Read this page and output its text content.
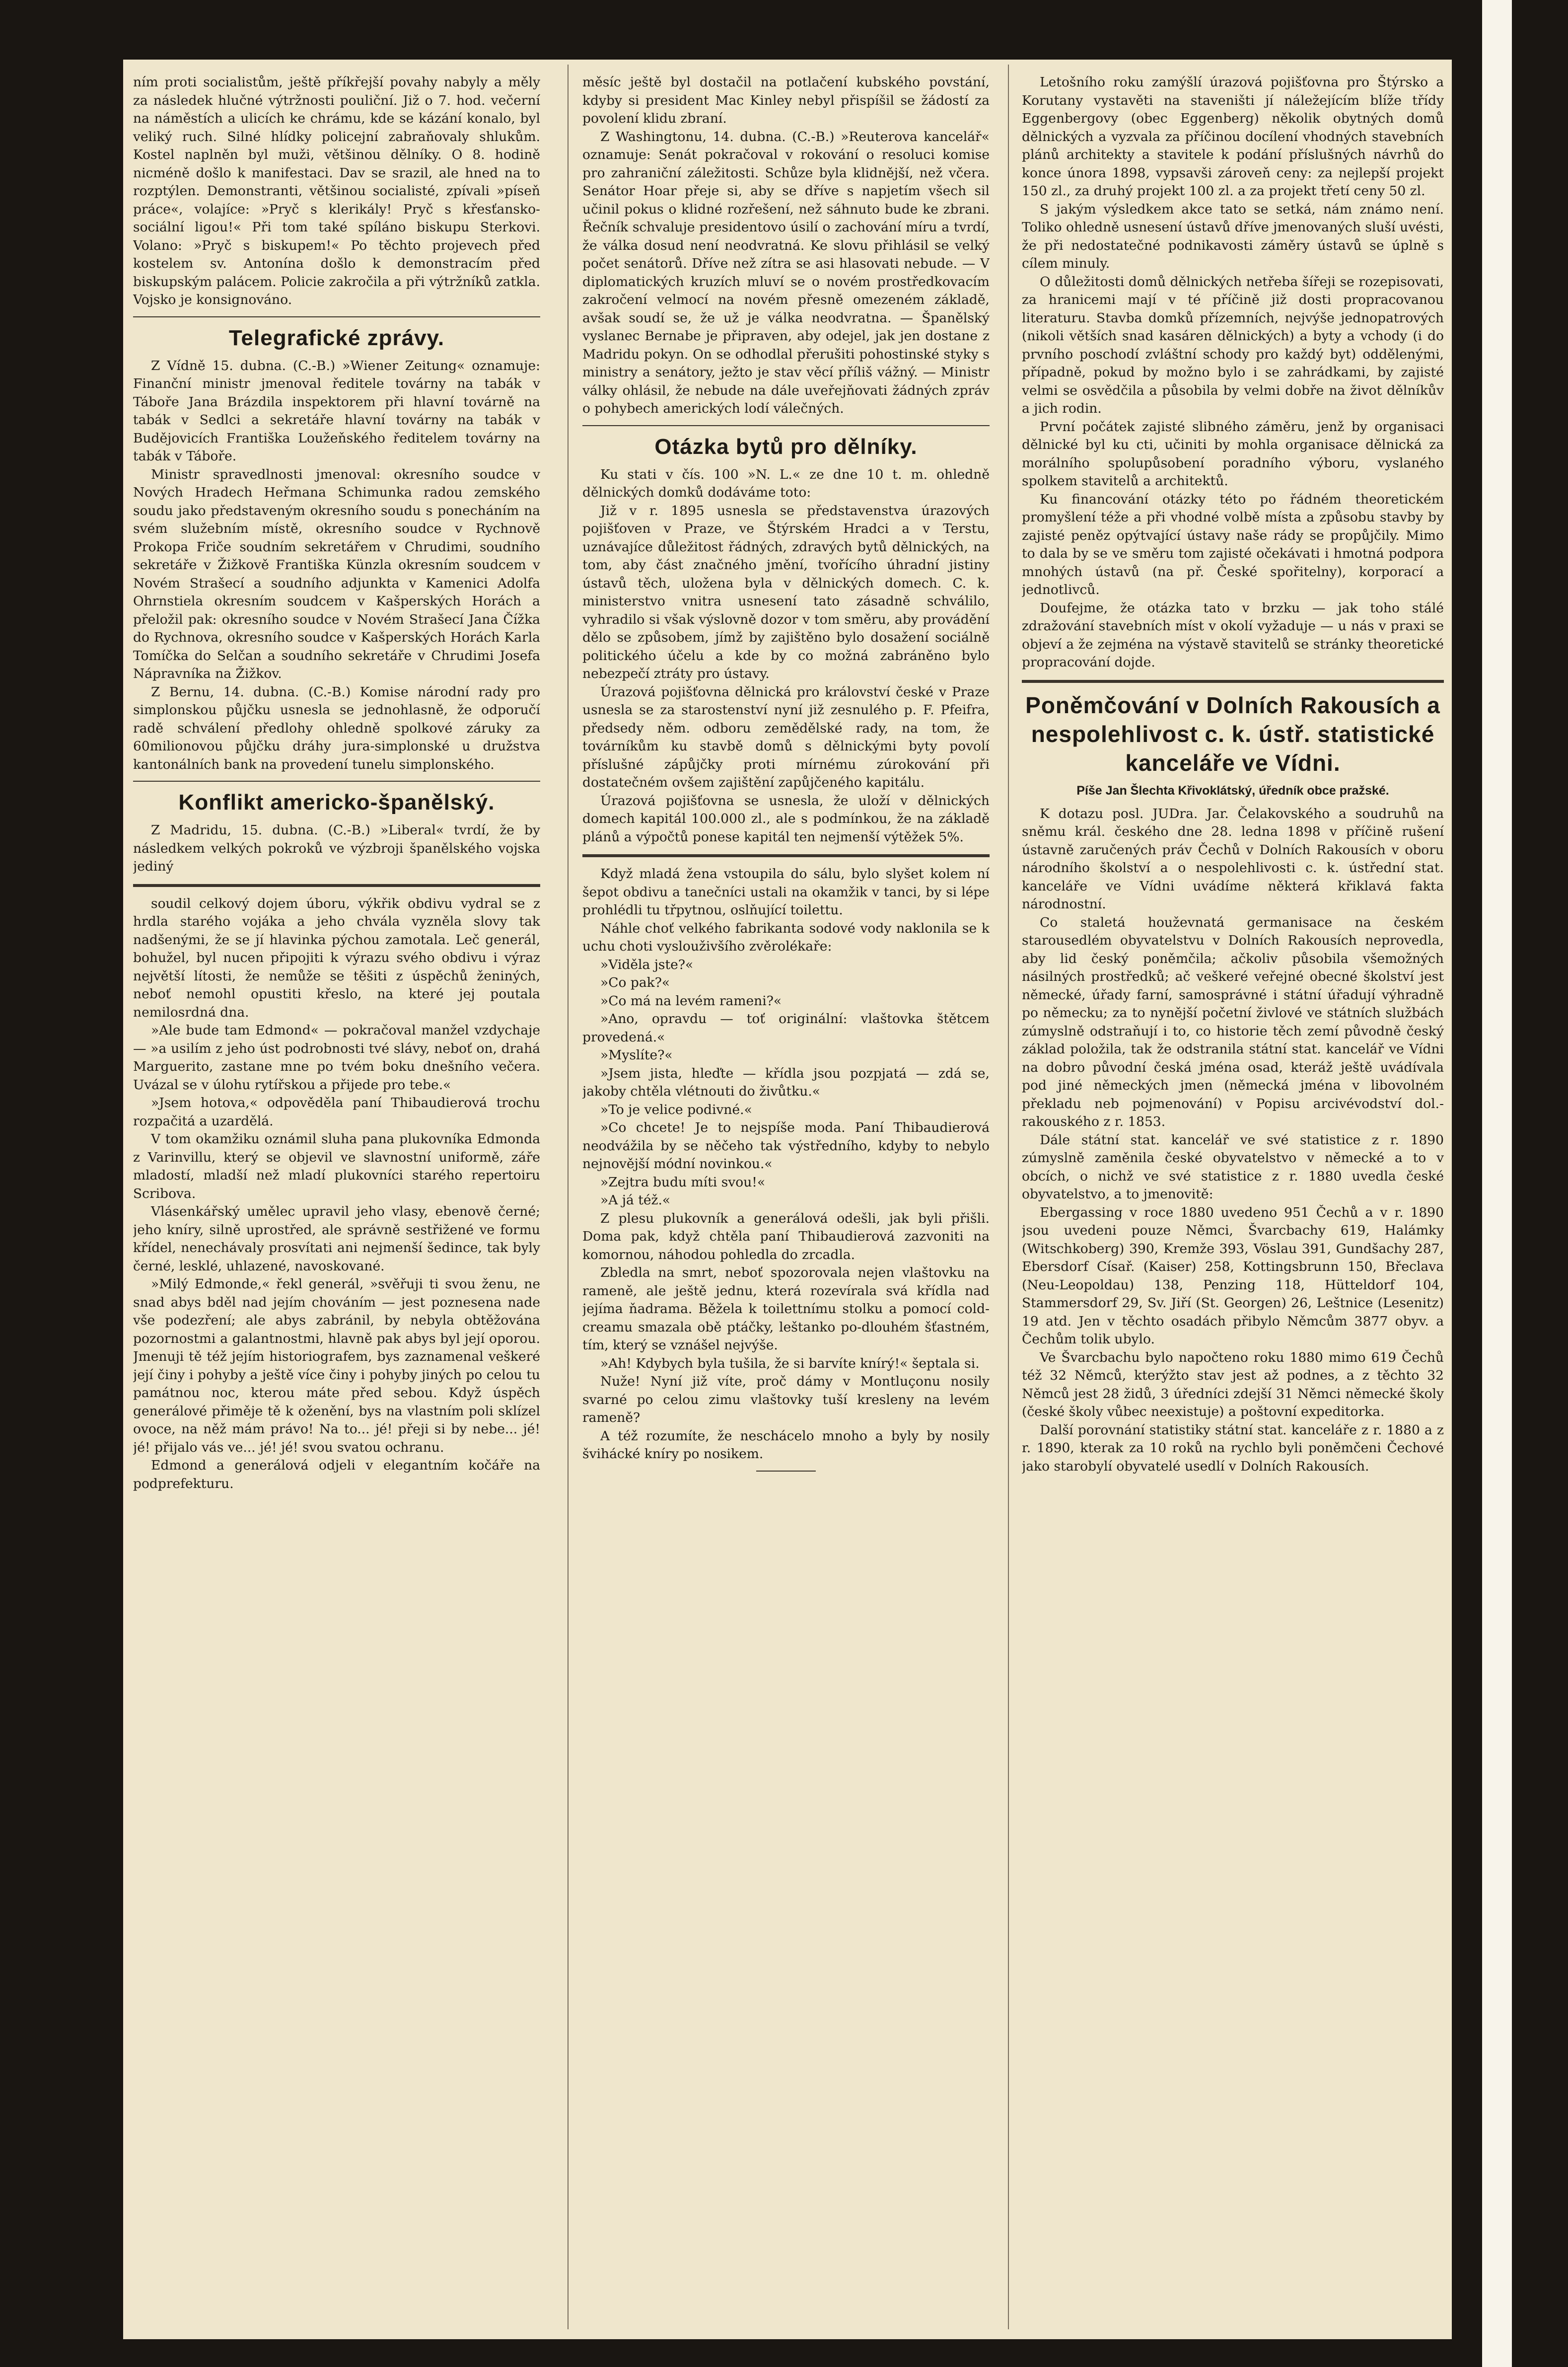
ním proti socialistům, ještě příkřejší povahy nabyly a měly za následek hlučné výtržnosti pouliční. Již o 7. hod. večerní na náměstích a ulicích ke chrámu, kde se kázání konalo, byl veliký ruch. Silné hlídky policejní zabraňovaly shlukům. Kostel naplněn byl muži, většinou dělníky. O 8. hodině nicméně došlo k manifestaci. Dav se srazil, ale hned na to rozptýlen. Demonstranti, většinou socialisté, zpívali »píseň práce«, volajíce: »Pryč s klerikály! Pryč s křesťansko-sociální ligou!« Při tom také spíláno biskupu Sterkovi. Volano: »Pryč s biskupem!« Po těchto projevech před kostelem sv. Antonína došlo k demonstracím před biskupským palácem. Policie zakročila a při výtržníků zatkla. Vojsko je konsignováno.

Telegrafické zprávy.

Z Vídně 15. dubna. (C.-B.) »Wiener Zeitung« oznamuje: Finanční ministr jmenoval ředitele továrny na tabák v Táboře Jana Brázdila inspektorem při hlavní továrně na tabák v Sedlci a sekretáře hlavní továrny na tabák v Budějovicích Františka Loužeňského ředitelem továrny na tabák v Táboře.

Ministr spravedlnosti jmenoval: okresního soudce v Nových Hradech Heřmana Schimunka radou zemského soudu jako představeným okresního soudu s ponecháním na svém služebním místě, okresního soudce v Rychnově Prokopa Friče soudním sekretářem v Chrudimi, soudního sekretáře v Žižkově Františka Künzla okresním soudcem v Novém Strašecí a soudního adjunkta v Kamenici Adolfa Ohrnstiela okresním soudcem v Kašperských Horách a přeložil pak: okresního soudce v Novém Strašecí Jana Čížka do Rychnova, okresního soudce v Kašperských Horách Karla Tomíčka do Selčan a soudního sekretáře v Chrudimi Josefa Nápravníka na Žižkov.

Z Bernu, 14. dubna. (C.-B.) Komise národní rady pro simplonskou půjčku usnesla se jednohlasně, že odporučí radě schválení předlohy ohledně spolkové záruky za 60milionovou půjčku dráhy jura-simplonské u družstva kantonálních bank na provedení tunelu simplonského.

Konflikt americko-španělský.

Z Madridu, 15. dubna. (C.-B.) »Liberal« tvrdí, že by následkem velkých pokroků ve výzbroji španělského vojska jediný

soudil celkový dojem úboru, výkřik obdivu vydral se z hrdla starého vojáka a jeho chvála vyzněla slovy tak nadšenými, že se jí hlavinka pýchou zamotala. Leč generál, bohužel, byl nucen připojiti k výrazu svého obdivu i výraz největší lítosti, že nemůže se těšiti z úspěchů ženiných, neboť nemohl opustiti křeslo, na které jej poutala nemilosrdná dna.

»Ale bude tam Edmond« — pokračoval manžel vzdychaje — »a usilím z jeho úst podrobnosti tvé slávy, neboť on, drahá Marguerito, zastane mne po tvém boku dnešního večera. Uvázal se v úlohu rytířskou a přijede pro tebe.«

»Jsem hotova,« odpověděla paní Thibaudierová trochu rozpačitá a uzardělá.

V tom okamžiku oznámil sluha pana plukovníka Edmonda z Varinvillu, který se objevil ve slavnostní uniformě, záře mladostí, mladší než mladí plukovníci starého repertoiru Scribova.

Vlásenkářský umělec upravil jeho vlasy, ebenově černé; jeho kníry, silně uprostřed, ale správně sestřižené ve formu křídel, nenechávaly prosvítati ani nejmenší šedince, tak byly černé, lesklé, uhlazené, navoskované.

»Milý Edmonde,« řekl generál, »svěřuji ti svou ženu, ne snad abys bděl nad jejím chováním — jest poznesena nade vše podezření; ale abys zabránil, by nebyla obtěžována pozornostmi a galantnostmi, hlavně pak abys byl její oporou. Jmenuji tě též jejím historiografem, bys zaznamenal veškeré její činy i pohyby a ještě více činy i pohyby jiných po celou tu památnou noc, kterou máte před sebou. Když úspěch generálové přiměje tě k oženění, bys na vlastním poli sklízel ovoce, na něž mám právo! Na to... jé! přeji si by nebe... jé! jé! přijalo vás ve... jé! jé! svou svatou ochranu.

Edmond a generálová odjeli v elegantním kočáře na podprefekturu.

měsíc ještě byl dostačil na potlačení kubského povstání, kdyby si president Mac Kinley nebyl přispíšil se žádostí za povolení klidu zbraní.

Z Washingtonu, 14. dubna. (C.-B.) »Reuterova kancelář« oznamuje: Senát pokračoval v rokování o resoluci komise pro zahraniční záležitosti. Schůze byla klidnější, než včera. Senátor Hoar přeje si, aby se dříve s napjetím všech sil učinil pokus o klidné rozřešení, než sáhnuto bude ke zbrani. Řečník schvaluje presidentovo úsilí o zachování míru a tvrdí, že válka dosud není neodvratná. Ke slovu přihlásil se velký počet senátorů. Dříve než zítra se asi hlasovati nebude. — V diplomatických kruzích mluví se o novém prostředkovacím zakročení velmocí na novém přesně omezeném základě, avšak soudí se, že už je válka neodvratna. — Španělský vyslanec Bernabe je připraven, aby odejel, jak jen dostane z Madridu pokyn. On se odhodlal přerušiti pohostinské styky s ministry a senátory, ježto je stav věcí příliš vážný. — Ministr války ohlásil, že nebude na dále uveřejňovati žádných zpráv o pohybech amerických lodí válečných.

Otázka bytů pro dělníky.

Ku stati v čís. 100 »N. L.« ze dne 10 t. m. ohledně dělnických domků dodáváme toto:

Již v r. 1895 usnesla se představenstva úrazových pojišťoven v Praze, ve Štýrském Hradci a v Terstu, uznávajíce důležitost řádných, zdravých bytů dělnických, na tom, aby část značného jmění, tvořícího úhradní jistiny ústavů těch, uložena byla v dělnických domech. C. k. ministerstvo vnitra usnesení tato zásadně schválilo, vyhradilo si však výslovně dozor v tom směru, aby provádění dělo se způsobem, jímž by zajištěno bylo dosažení sociálně politického účelu a kde by co možná zabráněno bylo nebezpečí ztráty pro ústavy.

Úrazová pojišťovna dělnická pro království české v Praze usnesla se za starostenství nyní již zesnulého p. F. Pfeifra, předsedy něm. odboru zemědělské rady, na tom, že továrníkům ku stavbě domů s dělnickými byty povolí příslušné zápůjčky proti mírnému zúrokování při dostatečném ovšem zajištění zapůjčeného kapitálu.

Úrazová pojišťovna se usnesla, že uloží v dělnických domech kapitál 100.000 zl., ale s podmínkou, že na základě plánů a výpočtů ponese kapitál ten nejmenší výtěžek 5%.

Když mladá žena vstoupila do sálu, bylo slyšet kolem ní šepot obdivu a tanečníci ustali na okamžik v tanci, by si lépe prohlédli tu třpytnou, oslňující toilettu.

Náhle choť velkého fabrikanta sodové vody naklonila se k uchu choti vyslouživšího zvěrolékaře:

»Viděla jste?«

»Co pak?«

»Co má na levém rameni?«

»Ano, opravdu — toť originální: vlaštovka štětcem provedená.«

»Myslíte?«

»Jsem jista, hleďte — křídla jsou pozpjatá — zdá se, jakoby chtěla vlétnouti do živůtku.«

»To je velice podivné.«

»Co chcete! Je to nejspíše moda. Paní Thibaudierová neodvážila by se něčeho tak výstředního, kdyby to nebylo nejnovější módní novinkou.«

»Zejtra budu míti svou!«

»A já též.«

Z plesu plukovník a generálová odešli, jak byli přišli. Doma pak, když chtěla paní Thibaudierová zazvoniti na komornou, náhodou pohledla do zrcadla.

Zbledla na smrt, neboť spozorovala nejen vlaštovku na rameně, ale ještě jednu, která rozevírala svá křídla nad jejíma ňadrama. Běžela k toilettnímu stolku a pomocí cold-creamu smazala obě ptáčky, leštanko po-dlouhém šťastném, tím, který se vznášel nejvýše.

»Ah! Kdybych byla tušila, že si barvíte knírý!« šeptala si.

Nuže! Nyní již víte, proč dámy v Montluçonu nosily svarné po celou zimu vlaštovky tuší kresleny na levém rameně?

A též rozumíte, že neschácelo mnoho a byly by nosily švihácké kníry po nosikem.

Letošního roku zamýšlí úrazová pojišťovna pro Štýrsko a Korutany vystavěti na staveništi jí náležejícím blíže třídy Eggenbergovy (obec Eggenberg) několik obytných domů dělnických a vyzvala za příčinou docílení vhodných stavebních plánů architekty a stavitele k podání příslušných návrhů do konce února 1898, vypsavši zároveň ceny: za nejlepší projekt 150 zl., za druhý projekt 100 zl. a za projekt třetí ceny 50 zl.

S jakým výsledkem akce tato se setká, nám známo není. Toliko ohledně usnesení ústavů dříve jmenovaných sluší uvésti, že při nedostatečné podnikavosti záměry ústavů se úplně s cílem minuly.

O důležitosti domů dělnických netřeba šířeji se rozepisovati, za hranicemi mají v té příčině již dosti propracovanou literaturu. Stavba domků přízemních, nejvýše jednopatrových (nikoli větších snad kasáren dělnických) a byty a vchody (i do prvního poschodí zvláštní schody pro každý byt) oddělenými, případně, pokud by možno bylo i se zahrádkami, by zajisté velmi se osvědčila a působila by velmi dobře na život dělníkův a jich rodin.

První počátek zajisté slibného záměru, jenž by organisaci dělnické byl ku cti, učiniti by mohla organisace dělnická za morálního spolupůsobení poradního výboru, vyslaného spolkem stavitelů a architektů.

Ku financování otázky této po řádném theoretickém promyšlení téže a při vhodné volbě místa a způsobu stavby by zajisté peněz opýtvající ústavy naše rády se propůjčily. Mimo to dala by se ve směru tom zajisté očekávati i hmotná podpora mnohých ústavů (na př. České spořitelny), korporací a jednotlivců.

Doufejme, že otázka tato v brzku — jak toho stálé zdražování stavebních míst v okolí vyžaduje — u nás v praxi se objeví a že zejména na výstavě stavitelů se stránky theoretické propracování dojde.

Poněmčování v Dolních Rakousích a nespolehlivost c. k. ústř. statistické kanceláře ve Vídni.
Píše Jan Šlechta Křivoklátský, úředník obce pražské.

K dotazu posl. JUDra. Jar. Čelakovského a soudruhů na sněmu král. českého dne 28. ledna 1898 v příčině rušení ústavně zaručených práv Čechů v Dolních Rakousích v oboru národního školství a o nespolehlivosti c. k. ústřední stat. kanceláře ve Vídni uvádíme některá křiklavá fakta národnostní.

Co staletá houževnatá germanisace na českém starousedlém obyvatelstvu v Dolních Rakousích neprovedla, aby lid český poněmčila; ačkoliv působila všemožných násilných prostředků; ač veškeré veřejné obecné školství jest německé, úřady farní, samosprávné i státní úřadují výhradně po německu; za to nynější početní živlové ve státních službách zúmyslně odstraňují i to, co historie těch zemí původně český základ položila, tak že odstranila státní stat. kancelář ve Vídni na dobro původní česká jména osad, kteráž ještě uvádívala pod jiné německých jmen (německá jména v libovolném překladu neb pojmenování) v Popisu arcivévodství dol.-rakouského z r. 1853.

Dále státní stat. kancelář ve své statistice z r. 1890 zúmyslně zaměnila české obyvatelstvo v německé a to v obcích, o nichž ve své statistice z r. 1880 uvedla české obyvatelstvo, a to jmenovitě:

Ebergassing v roce 1880 uvedeno 951 Čechů a v r. 1890 jsou uvedeni pouze Němci, Švarcbachy 619, Halámky (Witschkoberg) 390, Kremže 393, Vöslau 391, Gundšachy 287, Ebersdorf Císař. (Kaiser) 258, Kottingsbrunn 150, Břeclava (Neu-Leopoldau) 138, Penzing 118, Hütteldorf 104, Stammersdorf 29, Sv. Jiří (St. Georgen) 26, Leštnice (Lesenitz) 19 atd. Jen v těchto osadách přibylo Němcům 3877 obyv. a Čechům tolik ubylo.

Ve Švarcbachu bylo napočteno roku 1880 mimo 619 Čechů též 32 Němců, kterýžto stav jest až podnes, a z těchto 32 Němců jest 28 židů, 3 úředníci zdejší 31 Němci německé školy (české školy vůbec neexistuje) a poštovní expeditorka.

Další porovnání statistiky státní stat. kanceláře z r. 1880 a z r. 1890, kterak za 10 roků na rychlo byli poněmčeni Čechové jako starobylí obyvatelé usedlí v Dolních Rakousích.
